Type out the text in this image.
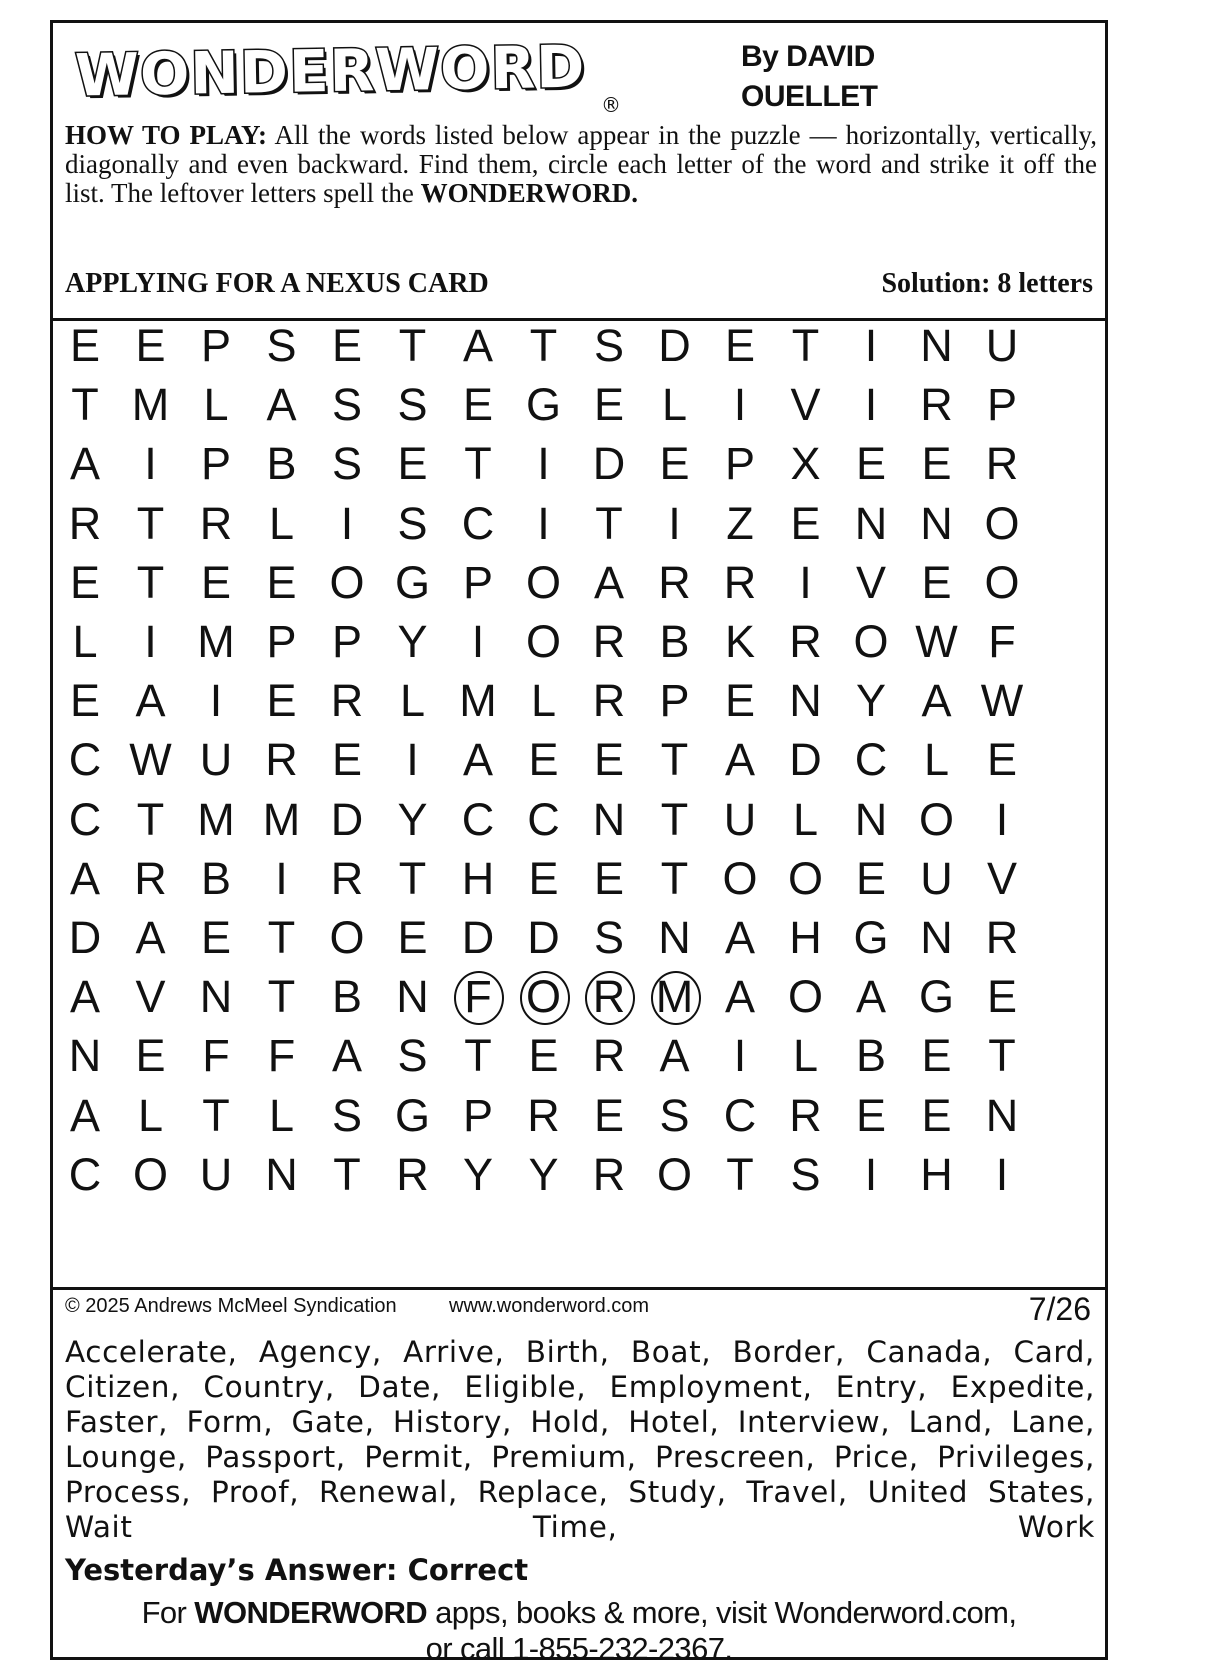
WONDERWORD ®
By DAVID
OUELLET
HOW TO PLAY: All the words listed below appear in the puzzle — horizontally, vertically, diagonally and even backward. Find them, circle each letter of the word and strike it off the list. The leftover letters spell the WONDERWORD.
APPLYING FOR A NEXUS CARD	Solution: 8 letters
E E P S E T A T S D E T	I N U
T M L A S S E G E L	I V I R P
A I P B S E T	I D E P X E E R
R T R L	I S C I	T	I	Z E N N O
E T E E O G P O A R R I V E O
L	I M P P Y I O R B K R O W F
E A I E R L M L R P E N Y A W
C W U R E I A E E T A D C L E
C T M M D Y C C N T U L N O I
A R B I R T H E E T O O E U V
D A E T O E D D S N A H G N R
A V N T B N F O R M A O A G E
N E F F A S T E R A I	L B E T
A L T L S G P R E S C R E E N
C O U N T R Y Y R O T S I H I
© 2025 Andrews McMeel Syndication	www.wonderword.com	7/26
Accelerate, Agency, Arrive, Birth, Boat, Border, Canada, Card, Citizen, Country, Date, Eligible, Employment, Entry, Expedite, Faster, Form, Gate, History, Hold, Hotel, Interview, Land, Lane, Lounge, Passport, Permit, Premium, Prescreen, Price, Privileges, Process, Proof, Renewal, Replace, Study, Travel, United States, Wait Time, Work
Yesterday’s Answer: Correct
For WONDERWORD apps, books & more, visit Wonderword.com,
or call 1-855-232-2367.
